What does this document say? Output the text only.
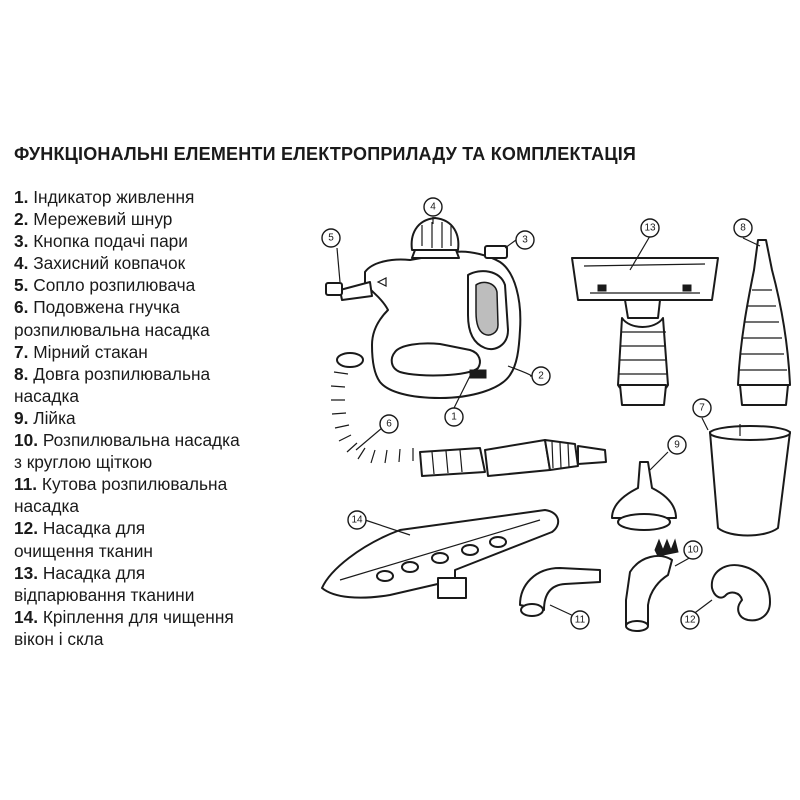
ФУНКЦІОНАЛЬНІ ЕЛЕМЕНТИ ЕЛЕКТРОПРИЛАДУ ТА КОМПЛЕКТАЦІЯ
1. Індикатор живлення
2. Мережевий шнур
3. Кнопка подачі пари
4. Захисний ковпачок
5. Сопло розпилювача
6. Подовжена гнучка
розпилювальна насадка
7. Мірний стакан
8. Довга розпилювальна
насадка
9. Лійка
10. Розпилювальна насадка
з круглою щіткою
11. Кутова розпилювальна
насадка
12. Насадка для
очищення тканин
13. Насадка для
відпарювання тканини
14. Кріплення для чищення
вікон і скла
1
2
3
4
5
6
7
8
9
10
11	12
13
14
